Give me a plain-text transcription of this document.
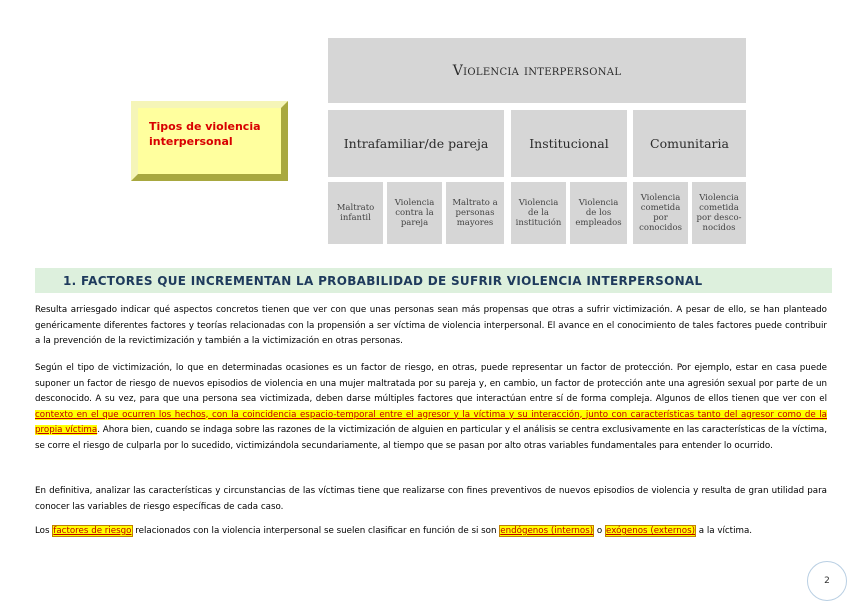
Tipos de violencia
interpersonal
Violencia interpersonal
Intrafamiliar/de pareja	Institucional	Comunitaria
Maltrato
infantil
Violencia
contra la
pareja
Maltrato a
personas
mayores
Violencia
de la
institución
Violencia
de los
empleados
Violencia
cometida
por
conocidos
Violencia
cometida
por desco-
nocidos
1. FACTORES QUE INCREMENTAN LA PROBABILIDAD DE SUFRIR VIOLENCIA INTERPERSONAL

Resulta arriesgado indicar qué aspectos concretos tienen que ver con que unas personas sean más propensas que otras a sufrir victimización. A pesar de ello, se han planteado genéricamente diferentes factores y teorías relacionadas con la propensión a ser víctima de violencia interpersonal. El avance en el conocimiento de tales factores puede contribuir a la prevención de la revictimización y también a la victimización en otras personas.

Según el tipo de victimización, lo que en determinadas ocasiones es un factor de riesgo, en otras, puede representar un factor de protección. Por ejemplo, estar en casa puede suponer un factor de riesgo de nuevos episodios de violencia en una mujer maltratada por su pareja y, en cambio, un factor de protección ante una agresión sexual por parte de un desconocido. A su vez, para que una persona sea victimizada, deben darse múltiples factores que interactúan entre sí de forma compleja. Algunos de ellos tienen que ver con el contexto en el que ocurren los hechos, con la coincidencia espacio-temporal entre el agresor y la víctima y su interacción, junto con características tanto del agresor como de la propia víctima. Ahora bien, cuando se indaga sobre las razones de la victimización de alguien en particular y el análisis se centra exclusivamente en las características de la víctima, se corre el riesgo de culparla por lo sucedido, victimizándola secundariamente, al tiempo que se pasan por alto otras variables fundamentales para entender lo ocurrido.

En definitiva, analizar las características y circunstancias de las víctimas tiene que realizarse con fines preventivos de nuevos episodios de violencia y resulta de gran utilidad para conocer las variables de riesgo específicas de cada caso.

Los factores de riesgo relacionados con la violencia interpersonal se suelen clasificar en función de si son endógenos (internos) o exógenos (externos) a la víctima.

2
